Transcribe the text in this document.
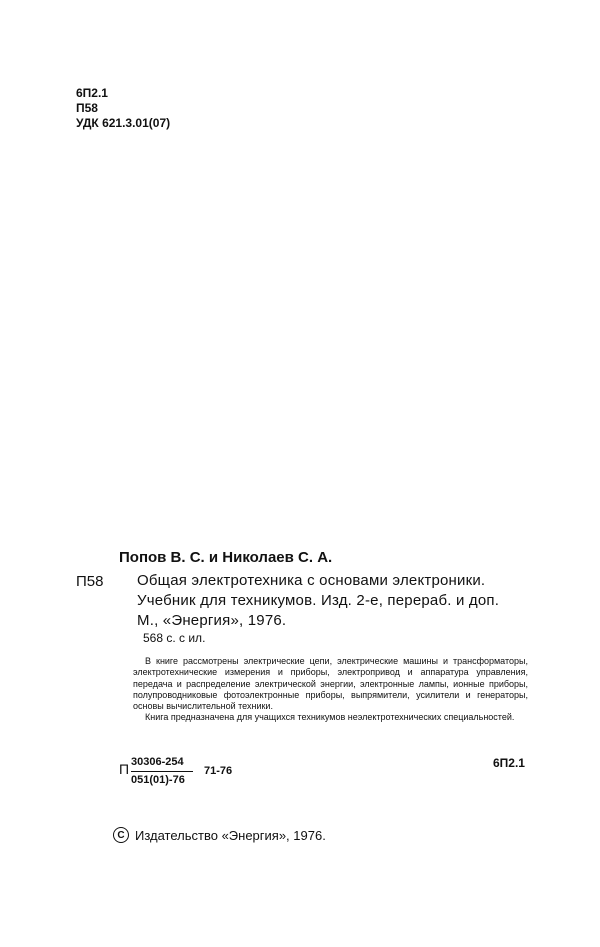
6П2.1
П58
УДК 621.3.01(07)
Попов В. С. и Николаев С. А.
П58 Общая электротехника с основами электроники.
Учебник для техникумов. Изд. 2-е, перераб. и доп.
М., «Энергия», 1976.
568 с. с ил.

В книге рассмотрены электрические цепи, электрические машины и трансформаторы, электротехнические измерения и приборы, электропривод и аппаратура управления, передача и распределение электрической энергии, электронные лампы, ионные приборы, полупроводниковые фотоэлектронные приборы, выпрямители, усилители и генераторы, основы вычислительной техники.

Книга предназначена для учащихся техникумов неэлектротехнических специальностей.

П 30306-254
051(01)-76
71-76
6П2.1
C Издательство «Энергия», 1976.
